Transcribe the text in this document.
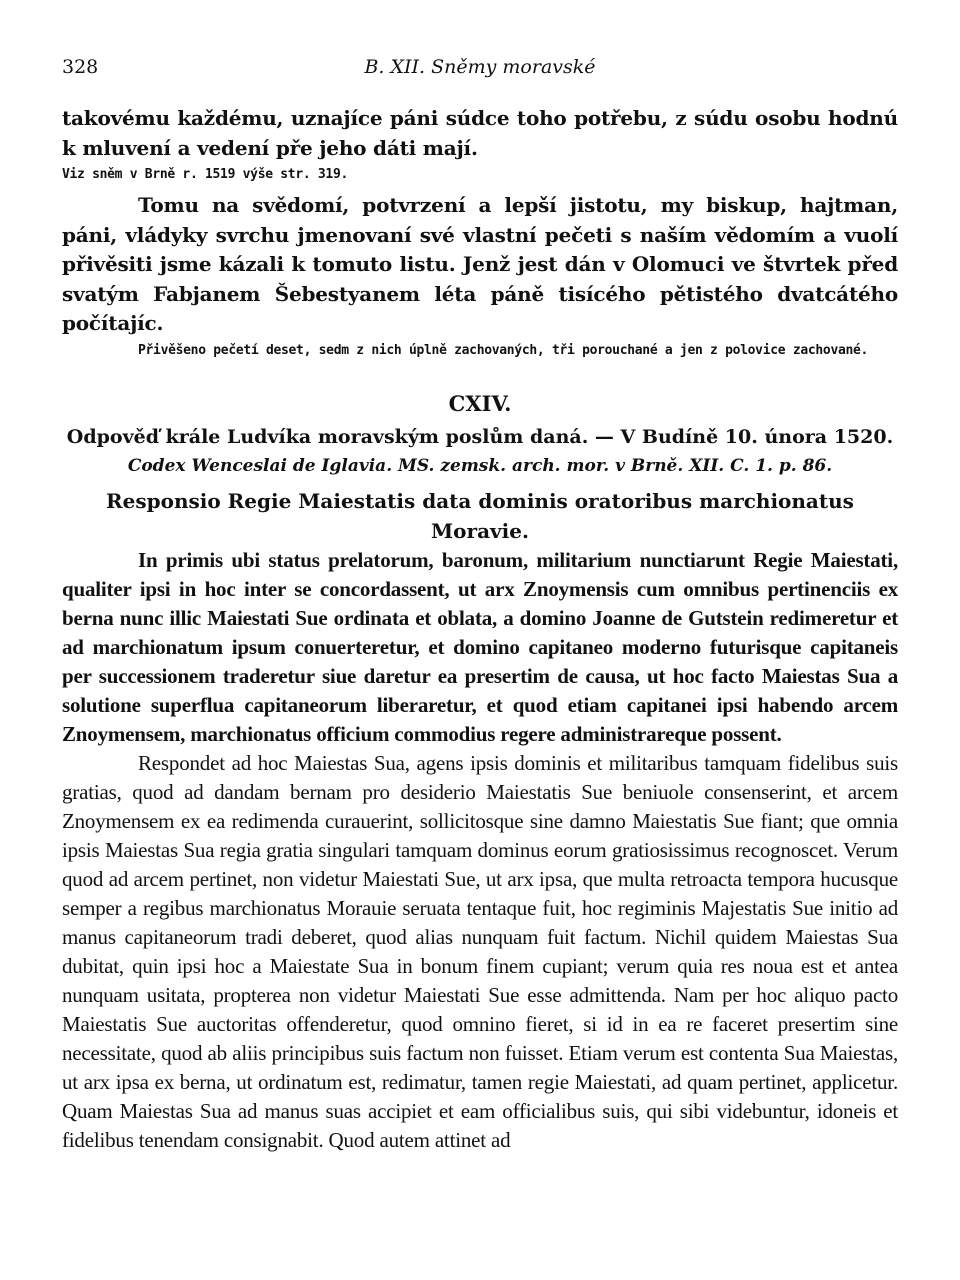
328	B. XII. Sněmy moravské

takovému každému, uznajíce páni súdce toho potřebu, z súdu osobu hodnú k mluvení a vedení pře jeho dáti mají.

Viz sněm v Brně r. 1519 výše str. 319.

Tomu na svědomí, potvrzení a lepší jistotu, my biskup, hajtman, páni, vládyky svrchu jmenovaní své vlastní pečeti s naším vědomím a vuolí přivěsiti jsme kázali k tomuto listu. Jenž jest dán v Olomuci ve štvrtek před svatým Fabjanem Šebestyanem léta páně tisícého pětistého dvatcátého počítajíc.

Přivěšeno pečetí deset, sedm z nich úplně zachovaných, tři porouchané a jen z polovice zachované.

CXIV.

Odpověď krále Ludvíka moravským poslům daná. — V Budíně 10. února 1520.

Codex Wenceslai de Iglavia. MS. zemsk. arch. mor. v Brně. XII. C. 1. p. 86.

Responsio Regie Maiestatis data dominis oratoribus marchionatus Moravie.

In primis ubi status prelatorum, baronum, militarium nunctiarunt Regie Maiestati, qualiter ipsi in hoc inter se concordassent, ut arx Znoymensis cum omnibus pertinenciis ex berna nunc illic Maiestati Sue ordinata et oblata, a domino Joanne de Gutstein redimeretur et ad marchionatum ipsum conuerteretur, et domino capitaneo moderno futurisque capitaneis per successionem traderetur siue daretur ea presertim de causa, ut hoc facto Maiestas Sua a solutione superflua capitaneorum liberaretur, et quod etiam capitanei ipsi habendo arcem Znoymensem, marchionatus officium commodius regere administrareque possent.

Respondet ad hoc Maiestas Sua, agens ipsis dominis et militaribus tamquam fidelibus suis gratias, quod ad dandam bernam pro desiderio Maiestatis Sue beniuole consenserint, et arcem Znoymensem ex ea redimenda curauerint, sollicitosque sine damno Maiestatis Sue fiant; que omnia ipsis Maiestas Sua regia gratia singulari tamquam dominus eorum gratiosissimus recognoscet. Verum quod ad arcem pertinet, non videtur Maiestati Sue, ut arx ipsa, que multa retroacta tempora hucusque semper a regibus marchionatus Morauie seruata tentaque fuit, hoc regiminis Majestatis Sue initio ad manus capitaneorum tradi deberet, quod alias nunquam fuit factum. Nichil quidem Maiestas Sua dubitat, quin ipsi hoc a Maiestate Sua in bonum finem cupiant; verum quia res noua est et antea nunquam usitata, propterea non videtur Maiestati Sue esse admittenda. Nam per hoc aliquo pacto Maiestatis Sue auctoritas offenderetur, quod omnino fieret, si id in ea re faceret presertim sine necessitate, quod ab aliis principibus suis factum non fuisset. Etiam verum est contenta Sua Maiestas, ut arx ipsa ex berna, ut ordinatum est, redimatur, tamen regie Maiestati, ad quam pertinet, applicetur. Quam Maiestas Sua ad manus suas accipiet et eam officialibus suis, qui sibi videbuntur, idoneis et fidelibus tenendam consignabit. Quod autem attinet ad
